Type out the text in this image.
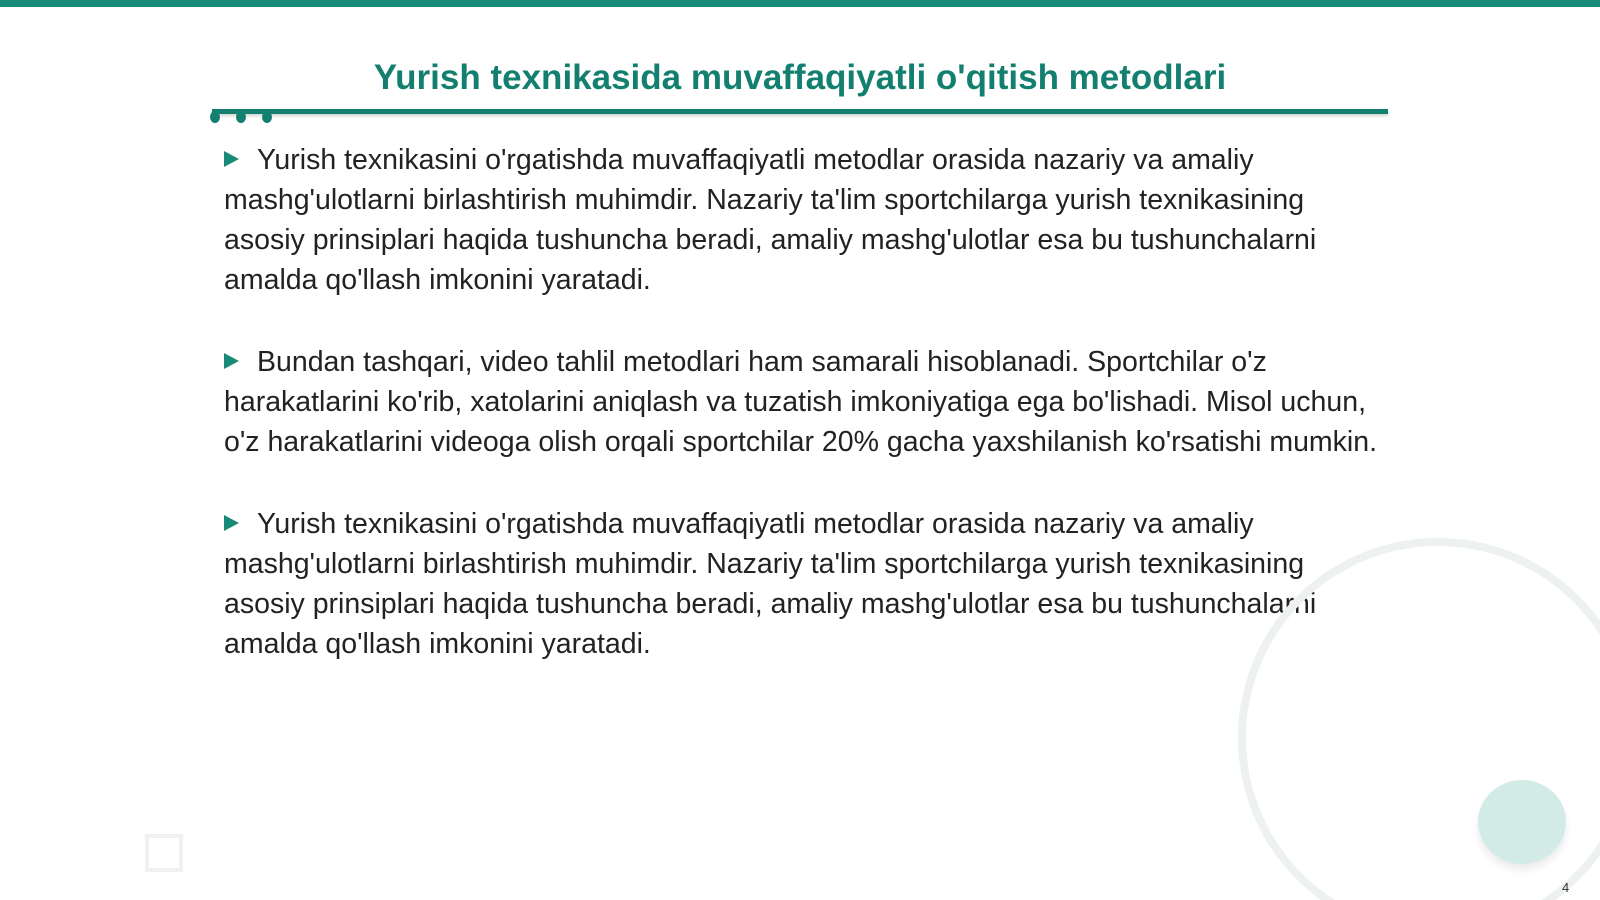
Yurish texnikasida muvaffaqiyatli o'qitish metodlari

Yurish texnikasini o'rgatishda muvaffaqiyatli metodlar orasida nazariy va amaliy mashg'ulotlarni birlashtirish muhimdir. Nazariy ta'lim sportchilarga yurish texnikasining asosiy prinsiplari haqida tushuncha beradi, amaliy mashg'ulotlar esa bu tushunchalarni amalda qo'llash imkonini yaratadi.

Bundan tashqari, video tahlil metodlari ham samarali hisoblanadi. Sportchilar o'z harakatlarini ko'rib, xatolarini aniqlash va tuzatish imkoniyatiga ega bo'lishadi. Misol uchun, o'z harakatlarini videoga olish orqali sportchilar 20% gacha yaxshilanish ko'rsatishi mumkin.

Yurish texnikasini o'rgatishda muvaffaqiyatli metodlar orasida nazariy va amaliy mashg'ulotlarni birlashtirish muhimdir. Nazariy ta'lim sportchilarga yurish texnikasining asosiy prinsiplari haqida tushuncha beradi, amaliy mashg'ulotlar esa bu tushunchalarni amalda qo'llash imkonini yaratadi.

4
